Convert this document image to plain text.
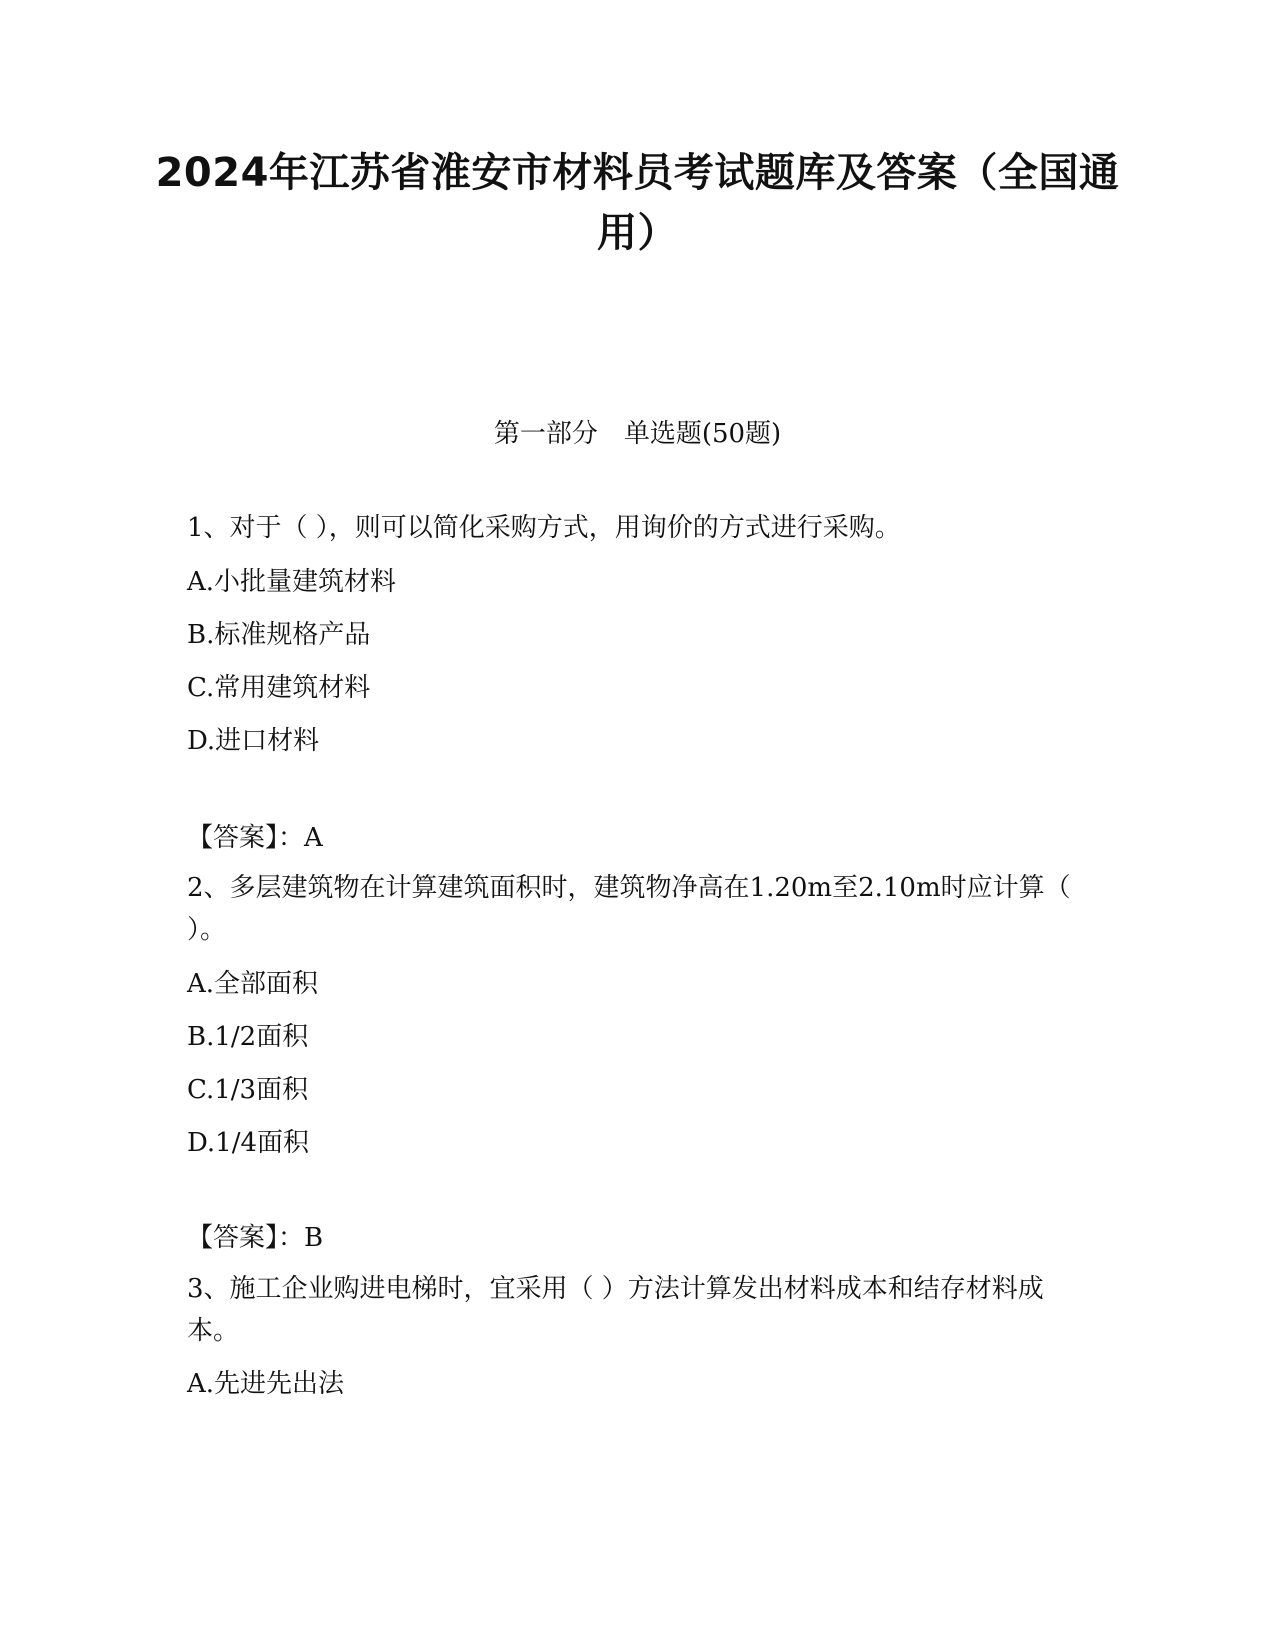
2024年江苏省淮安市材料员考试题库及答案（全国通用）
第一部分　单选题(50题)
1、对于（ ），则可以简化采购方式，用询价的方式进行采购。
A.小批量建筑材料
B.标准规格产品
C.常用建筑材料
D.进口材料
【答案】：A
2、多层建筑物在计算建筑面积时，建筑物净高在1.20m至2.10m时应计算（ ）。
A.全部面积
B.1/2面积
C.1/3面积
D.1/4面积
【答案】：B
3、施工企业购进电梯时，宜采用（ ）方法计算发出材料成本和结存材料成本。
A.先进先出法
